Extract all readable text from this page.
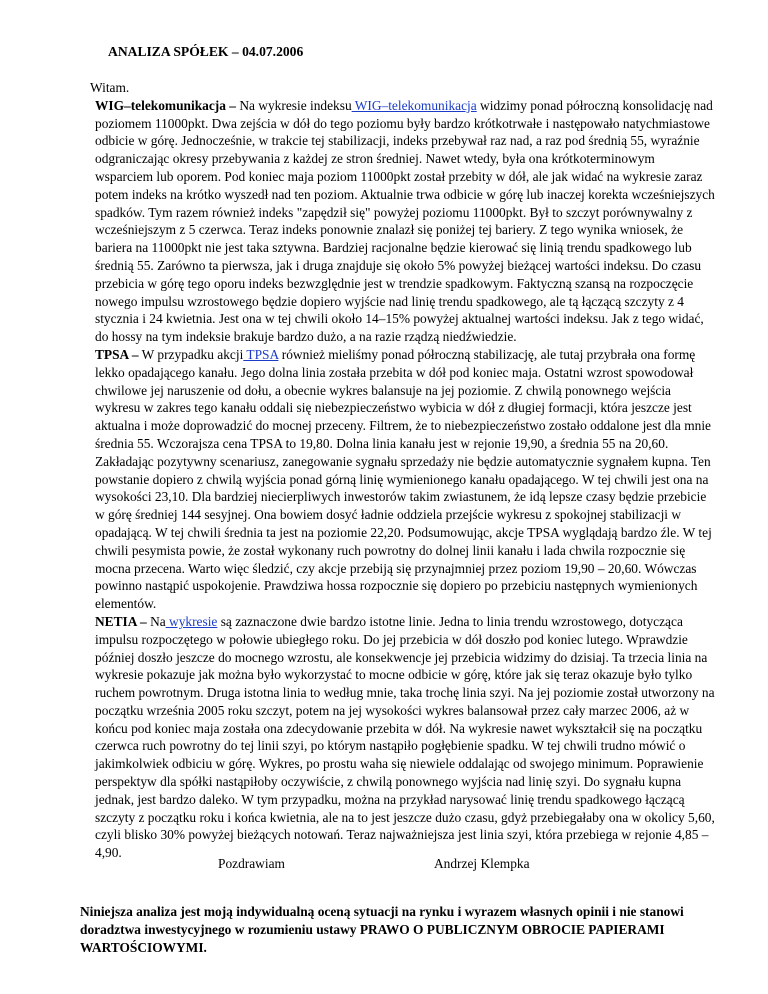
ANALIZA SPÓŁEK – 04.07.2006

Witam.

WIG–telekomunikacja – Na wykresie indeksu WIG–telekomunikacja widzimy ponad półroczną konsolidację nad poziomem 11000pkt. Dwa zejścia w dół do tego poziomu były bardzo krótkotrwałe i następowało natychmiastowe odbicie w górę. Jednocześnie, w trakcie tej stabilizacji, indeks przebywał raz nad, a raz pod średnią 55, wyraźnie odgraniczając okresy przebywania z każdej ze stron średniej. Nawet wtedy, była ona krótkoterminowym wsparciem lub oporem. Pod koniec maja poziom 11000pkt został przebity w dół, ale jak widać na wykresie zaraz potem indeks na krótko wyszedł nad ten poziom. Aktualnie trwa odbicie w górę lub inaczej korekta wcześniejszych spadków. Tym razem również indeks "zapędził się" powyżej poziomu 11000pkt. Był to szczyt porównywalny z wcześniejszym z 5 czerwca. Teraz indeks ponownie znalazł się poniżej tej bariery. Z tego wynika wniosek, że bariera na 11000pkt nie jest taka sztywna. Bardziej racjonalne będzie kierować się linią trendu spadkowego lub średnią 55. Zarówno ta pierwsza, jak i druga znajduje się około 5% powyżej bieżącej wartości indeksu. Do czasu przebicia w górę tego oporu indeks bezwzględnie jest w trendzie spadkowym. Faktyczną szansą na rozpoczęcie nowego impulsu wzrostowego będzie dopiero wyjście nad linię trendu spadkowego, ale tą łączącą szczyty z 4 stycznia i 24 kwietnia. Jest ona w tej chwili około 14–15% powyżej aktualnej wartości indeksu. Jak z tego widać, do hossy na tym indeksie brakuje bardzo dużo, a na razie rządzą niedźwiedzie.

TPSA – W przypadku akcji TPSA również mieliśmy ponad półroczną stabilizację, ale tutaj przybrała ona formę lekko opadającego kanału. Jego dolna linia została przebita w dół pod koniec maja. Ostatni wzrost spowodował chwilowe jej naruszenie od dołu, a obecnie wykres balansuje na jej poziomie. Z chwilą ponownego wejścia wykresu w zakres tego kanału oddali się niebezpieczeństwo wybicia w dół z długiej formacji, która jeszcze jest aktualna i może doprowadzić do mocnej przeceny. Filtrem, że to niebezpieczeństwo zostało oddalone jest dla mnie średnia 55. Wczorajsza cena TPSA to 19,80. Dolna linia kanału jest w rejonie 19,90, a średnia 55 na 20,60. Zakładając pozytywny scenariusz, zanegowanie sygnału sprzedaży nie będzie automatycznie sygnałem kupna. Ten powstanie dopiero z chwilą wyjścia ponad górną linię wymienionego kanału opadającego. W tej chwili jest ona na wysokości 23,10. Dla bardziej niecierpliwych inwestorów takim zwiastunem, że idą lepsze czasy będzie przebicie w górę średniej 144 sesyjnej. Ona bowiem dosyć ładnie oddziela przejście wykresu z spokojnej stabilizacji w opadającą. W tej chwili średnia ta jest na poziomie 22,20. Podsumowując, akcje TPSA wyglądają bardzo źle. W tej chwili pesymista powie, że został wykonany ruch powrotny do dolnej linii kanału i lada chwila rozpocznie się mocna przecena. Warto więc śledzić, czy akcje przebiją się przynajmniej przez poziom 19,90 – 20,60. Wówczas powinno nastąpić uspokojenie. Prawdziwa hossa rozpocznie się dopiero po przebiciu następnych wymienionych elementów.

NETIA – Na wykresie są zaznaczone dwie bardzo istotne linie. Jedna to linia trendu wzrostowego, dotycząca impulsu rozpoczętego w połowie ubiegłego roku. Do jej przebicia w dół doszło pod koniec lutego. Wprawdzie później doszło jeszcze do mocnego wzrostu, ale konsekwencje jej przebicia widzimy do dzisiaj. Ta trzecia linia na wykresie pokazuje jak można było wykorzystać to mocne odbicie w górę, które jak się teraz okazuje było tylko ruchem powrotnym. Druga istotna linia to według mnie, taka trochę linia szyi. Na jej poziomie został utworzony na początku września 2005 roku szczyt, potem na jej wysokości wykres balansował przez cały marzec 2006, aż w końcu pod koniec maja została ona zdecydowanie przebita w dół. Na wykresie nawet wykształcił się na początku czerwca ruch powrotny do tej linii szyi, po którym nastąpiło pogłębienie spadku. W tej chwili trudno mówić o jakimkolwiek odbiciu w górę. Wykres, po prostu waha się niewiele oddalając od swojego minimum. Poprawienie perspektyw dla spółki nastąpiłoby oczywiście, z chwilą ponownego wyjścia nad linię szyi. Do sygnału kupna jednak, jest bardzo daleko. W tym przypadku, można na przykład narysować linię trendu spadkowego łączącą szczyty z początku roku i końca kwietnia, ale na to jest jeszcze dużo czasu, gdyż przebiegałaby ona w okolicy 5,60, czyli blisko 30% powyżej bieżących notowań. Teraz najważniejsza jest linia szyi, która przebiega w rejonie 4,85 – 4,90.

Pozdrawiam	Andrzej Klempka

Niniejsza analiza jest moją indywidualną oceną sytuacji na rynku i wyrazem własnych opinii i nie stanowi doradztwa inwestycyjnego w rozumieniu ustawy PRAWO O PUBLICZNYM OBROCIE PAPIERAMI WARTOŚCIOWYMI.
